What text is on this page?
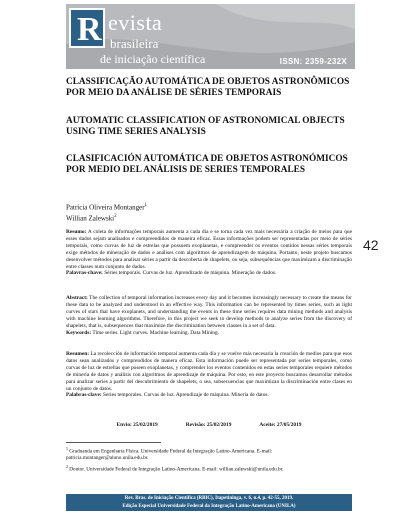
R evista
brasileira
de iniciação científica	ISSN: 2359-232X
42
CLASSIFICAÇÃO AUTOMÁTICA DE OBJETOS ASTRONÔMICOS POR MEIO DA ANÁLISE DE SÉRIES TEMPORAIS
AUTOMATIC CLASSIFICATION OF ASTRONOMICAL OBJECTS USING TIME SERIES ANALYSIS
CLASIFICACIÓN AUTOMÁTICA DE OBJETOS ASTRONÓMICOS POR MEDIO DEL ANÁLISIS DE SERIES TEMPORALES
Patrícia Oliveira Montanger$^1$
Willian Zalewski$^2$
Resumo: A coleta de informações temporais aumenta a cada dia e se torna cada vez mais necessária a criação de meios para que esses dados sejam analisados e compreendidos de maneira eficaz. Essas informações podem ser representadas por meio de séries temporais, como curvas de luz de estrelas que possuem exoplanetas, e compreender os eventos contidos nessas séries temporais exige métodos de mineração de dados e análises com algoritmos de aprendizagem de máquina. Portanto, neste projeto buscamos desenvolver métodos para analisar séries a partir da descoberta de shapelets, ou seja, subsequências que maximizam a discriminação entre classes num conjunto de dados.
Palavras-chave: Séries temporais. Curvas de luz. Aprendizado de máquina. Mineração de dados.
Abstract: The collection of temporal information increases every day and it becomes increasingly necessary to create the means for these data to be analyzed and understood in an effective way. This information can be represented by times series, such as light curves of stars that have exoplanets, and understanding the events in these time series requires data mining methods and analysis with machine learning algorithms. Therefore, in this project we seek to develop methods to analyze series from the discovery of shapelets, that is, subsequences that maximize the discrimination between classes in a set of data.
Keywords: Time series. Light curves. Machine learning. Data Mining.
Resumen: La recolección de información temporal aumenta cada día y se vuelve más necesaria la creación de medios para que esos datos sean analizados y comprendidos de manera eficaz. Esta información puede ser representada por series temporales, como curvas de luz de estrellas que poseen exoplanetas, y comprender los eventos contenidos en estas series temporales requiere métodos de minería de datos y análisis con algoritmos de aprendizaje de máquina. Por esto, en este proyecto buscamos desarrollar métodos para analizar series a partir del descubrimiento de shapelets, o sea, subsecuencias que maximizan la discriminación entre clases en un conjunto de datos.
Palabras-clave: Series temporales. Curvas de luz. Aprendizaje de máquina. Minería de datos.
Envio: 25/02/2019	Revisão: 25/02/2019	Aceite: 27/05/2019
$^1$ Graduanda em Engenharia Física. Universidade Federal da Integração Latino-Americana. E-mail: patricia.montanger@aluno.unila.edu.br.
$^2$ Doutor. Universidade Federal de Integração Latino-Americana. E-mail: willian.zalewski@unila.edu.br.
Rev. Bras. de Iniciação Científica (RBIC), Itapetininga, v. 6, n.4, p. 42-55, 2019.
Edição Especial Universidade Federal da Integração Latino-Americana (UNILA)
